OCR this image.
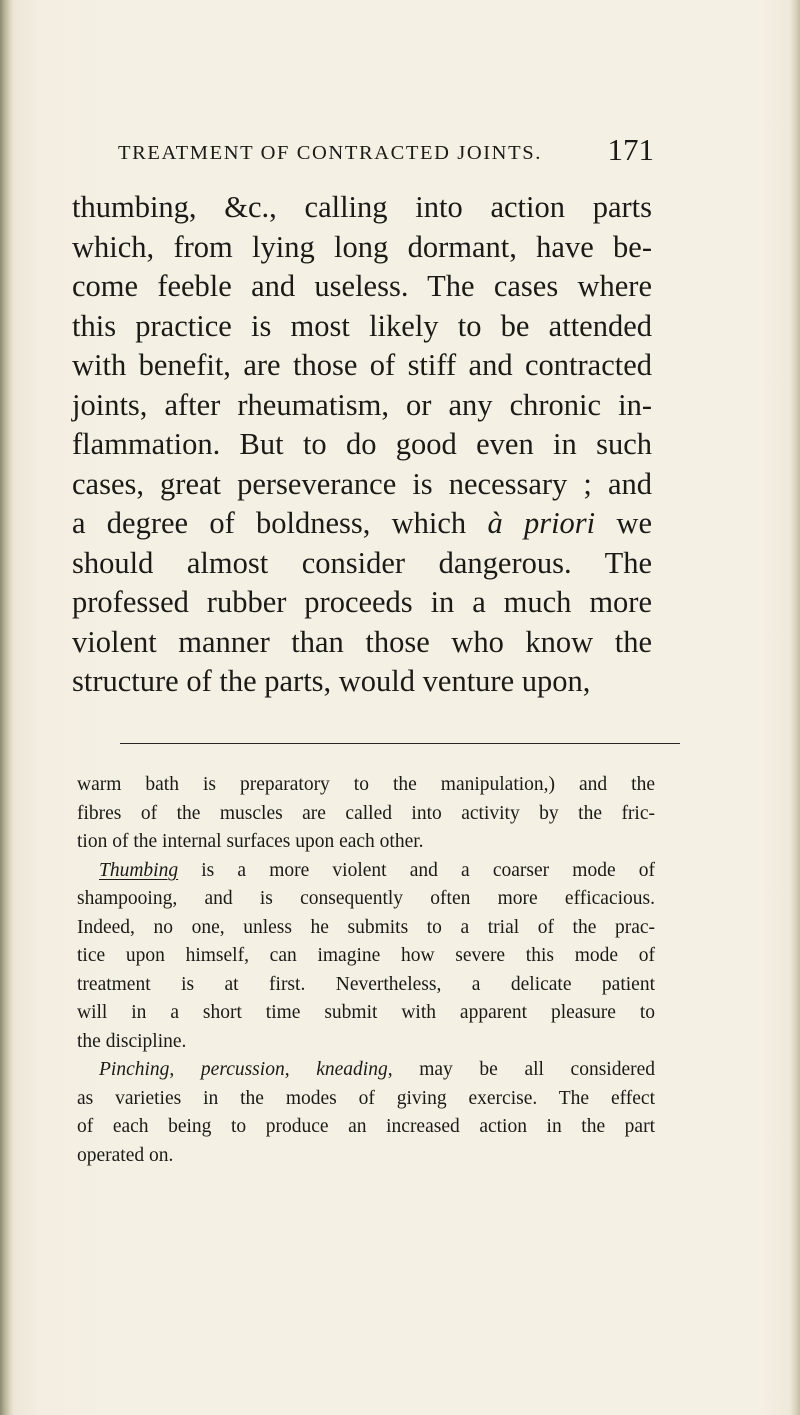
TREATMENT OF CONTRACTED JOINTS. 171
thumbing, &c., calling into action parts
which, from lying long dormant, have be-
come feeble and useless. The cases where
this practice is most likely to be attended
with benefit, are those of stiff and contracted
joints, after rheumatism, or any chronic in-
flammation. But to do good even in such
cases, great perseverance is necessary ; and
a degree of boldness, which à priori we
should almost consider dangerous. The
professed rubber proceeds in a much more
violent manner than those who know the
structure of the parts, would venture upon,
warm bath is preparatory to the manipulation,) and the
fibres of the muscles are called into activity by the fric-
tion of the internal surfaces upon each other.
Thumbing is a more violent and a coarser mode of
shampooing, and is consequently often more efficacious.
Indeed, no one, unless he submits to a trial of the prac-
tice upon himself, can imagine how severe this mode of
treatment is at first. Nevertheless, a delicate patient
will in a short time submit with apparent pleasure to
the discipline.
Pinching, percussion, kneading, may be all considered
as varieties in the modes of giving exercise. The effect
of each being to produce an increased action in the part
operated on.
